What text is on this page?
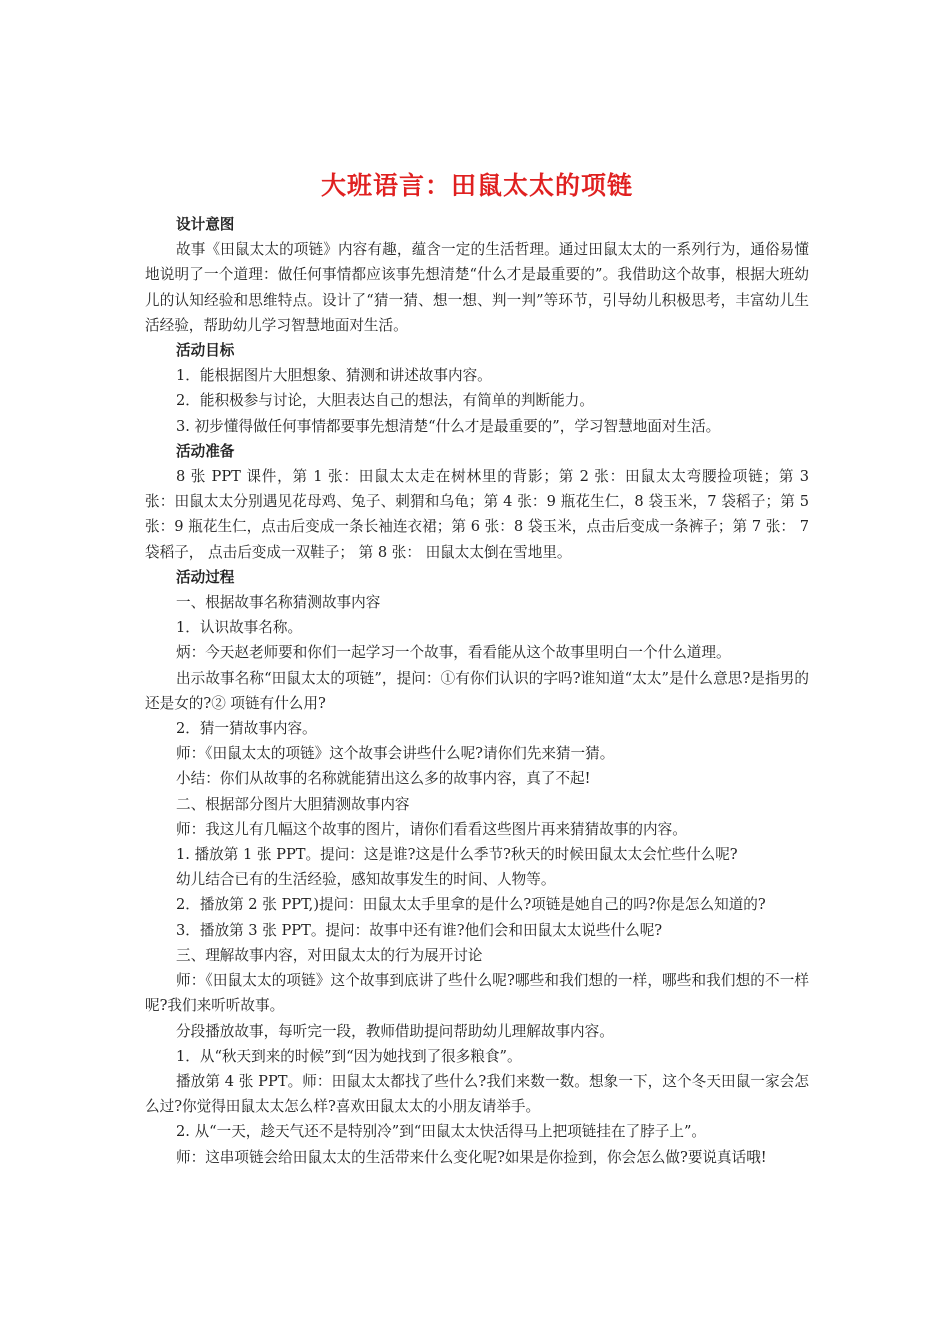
大班语言：田鼠太太的项链
设计意图

故事《田鼠太太的项链》内容有趣，蕴含一定的生活哲理。通过田鼠太太的一系列行为，通俗易懂地说明了一个道理：做任何事情都应该事先想清楚“什么才是最重要的”。我借助这个故事，根据大班幼儿的认知经验和思维特点。设计了“猜一猜、想一想、判一判”等环节，引导幼儿积极思考，丰富幼儿生活经验，帮助幼儿学习智慧地面对生活。

活动目标

1．能根据图片大胆想象、猜测和讲述故事内容。

2．能积极参与讨论，大胆表达自己的想法，有简单的判断能力。

3. 初步懂得做任何事情都要事先想清楚“什么才是最重要的”，学习智慧地面对生活。

活动准备

8 张 PPT 课件，第 1 张：田鼠太太走在树林里的背影；第 2 张：田鼠太太弯腰捡项链；第 3 张：田鼠太太分别遇见花母鸡、兔子、刺猬和乌龟；第 4 张：9 瓶花生仁，8 袋玉米，7 袋稻子；第 5 张：9 瓶花生仁，点击后变成一条长袖连衣裙；第 6 张：8 袋玉米，点击后变成一条裤子；第 7 张： 7 袋稻子， 点击后变成一双鞋子； 第 8 张： 田鼠太太倒在雪地里。

活动过程

一、根据故事名称猜测故事内容

1．认识故事名称。

炳：今天赵老师要和你们一起学习一个故事，看看能从这个故事里明白一个什么道理。

出示故事名称“田鼠太太的项链”，提问：①有你们认识的字吗?谁知道“太太”是什么意思?是指男的还是女的?② 项链有什么用?

2．猜一猜故事内容。

师：《田鼠太太的项链》这个故事会讲些什么呢?请你们先来猜一猜。

小结：你们从故事的名称就能猜出这么多的故事内容，真了不起!

二、根据部分图片大胆猜测故事内容

师：我这儿有几幅这个故事的图片，请你们看看这些图片再来猜猜故事的内容。

1. 播放第 1 张 PPT。提问：这是谁?这是什么季节?秋天的时候田鼠太太会忙些什么呢?

幼儿结合已有的生活经验，感知故事发生的时间、人物等。

2．播放第 2 张 PPT,)提问：田鼠太太手里拿的是什么?项链是她自己的吗?你是怎么知道的?

3．播放第 3 张 PPT。提问：故事中还有谁?他们会和田鼠太太说些什么呢?

三、理解故事内容，对田鼠太太的行为展开讨论

师：《田鼠太太的项链》这个故事到底讲了些什么呢?哪些和我们想的一样，哪些和我们想的不一样呢?我们来听听故事。

分段播放故事，每听完一段，教师借助提问帮助幼儿理解故事内容。

1．从“秋天到来的时候”到“因为她找到了很多粮食”。

播放第 4 张 PPT。师：田鼠太太都找了些什么?我们来数一数。想象一下，这个冬天田鼠一家会怎么过?你觉得田鼠太太怎么样?喜欢田鼠太太的小朋友请举手。

2. 从“一天，趁天气还不是特别冷”到“田鼠太太快活得马上把项链挂在了脖子上”。

师：这串项链会给田鼠太太的生活带来什么变化呢?如果是你捡到，你会怎么做?要说真话哦!
